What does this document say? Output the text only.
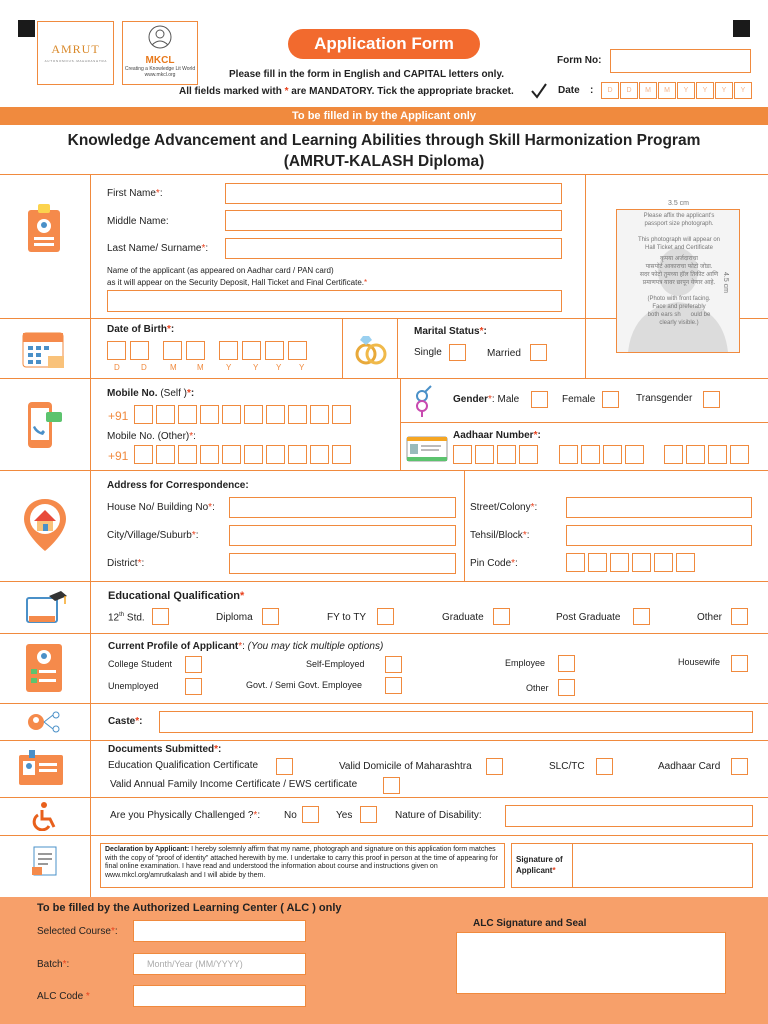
AMRUT
A U T O N O M O U S · M A H A R A S H T R A	MKCL
Creating a Knowledge Lit World
www.mkcl.org
Application Form
Form No:
Please fill in the form in English and CAPITAL letters only.
All fields marked with * are MANDATORY. Tick the appropriate bracket.	Date :	D	D	M	M	Y	Y	Y	Y
To be filled in by the Applicant only
Knowledge Advancement and Learning Abilities through Skill Harmonization Program
(AMRUT-KALASH Diploma)
First Name*:
Middle Name:
Last Name/ Surname*:
Name of the applicant (as appeared on Aadhar card / PAN card)
as it will appear on the Security Deposit, Hall Ticket and Final Certificate.*
Please affix the applicant's
passport size photograph.
This photograph will appear on
Hall Ticket and Certificate
कृपया अर्जदाराचा
पासपोर्ट आकाराचा फोटो जोडा.
सदर फोटो तुमच्या हॉल तिकीट आणि
प्रमाणपत्र यावर छापून येणार आहे.
(Photo with front facing.
Face and preferably
both ears sh ould be
clearly visible.)
3.5 cm
4.5 cm
Date of Birth*:
D	D	M M	Y	Y Y Y
Marital Status*:
Single	Married
Mobile No. (Self )*:
+91
Mobile No. (Other)*:
+91
Gender*: Male	Female	Transgender
Aadhaar Number*:
Address for Correspondence:
House No/ Building No*:	Street/Colony*:
City/Village/Suburb*:	Tehsil/Block*:
District*:	Pin Code*:
Educational Qualification*
12th Std.	Diploma	FY to TY	Graduate	Post Graduate	Other
Current Profile of Applicant*: (You may tick multiple options)
College Student	Self-Employed	Employee	Housewife
Unemployed	Govt. / Semi Govt. Employee	Other
Caste*:
Documents Submitted*:
Education Qualification Certificate	Valid Domicile of Maharashtra	SLC/TC	Aadhaar Card
Valid Annual Family Income Certificate / EWS certificate
Are you Physically Challenged ?*: No	Yes	Nature of Disability:
Declaration by Applicant: I hereby solemnly affirm that my name, photograph and signature on this application form matches with the copy of "proof of identity" attached herewith by me. I undertake to carry this proof in person at the time of appearing for final online examination. I have read and understood the information about course and instructions given on www.mkcl.org/amrutkalash and I will abide by them.
Signature of
Applicant*
To be filled by the Authorized Learning Center ( ALC ) only
Selected Course*:
Batch*:	Month/Year (MM/YYYY)
ALC Code *
ALC Signature and Seal
